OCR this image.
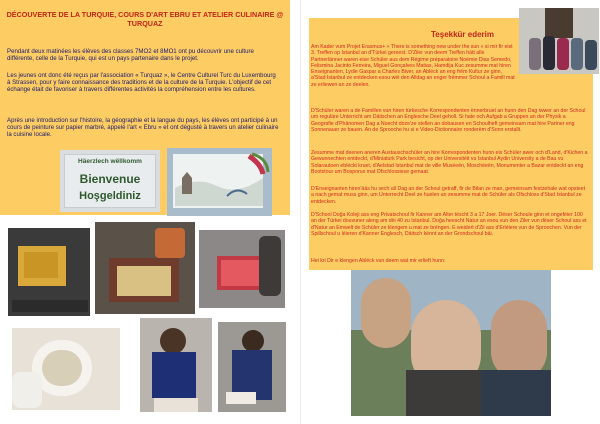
DÉCOUVERTE DE LA TURQUIE, COURS D'ART EBRU ET ATELIER CULINAIRE @ TURQUAZ
Pendant deux matinées les élèves des classes 7MO2 et 8MO1 ont pu découvrir une culture différente, celle de la Turquie, qui est un pays partenaire dans le projet.
Les jeunes ont donc été reçus par l'association « Turquaz », le Centre Culturel Turc du Luxembourg à Strassen, pour y faire connaissance des traditions et de la culture de la Turquie. L'objectif de cet échange était de favoriser à travers différentes activités la compréhension entre les cultures.
Après une introduction sur l'histoire, la géographie et la langue du pays, les élèves ont participé à un cours de peinture sur papier marbré, appelé l'art « Ebru » et ont dégusté à travers un atelier culinaire la cuisine locale.
Häerzlech wëllkomm
Bienvenue
Hoşgeldiniz
Teşekkür ederim
Am Kader vum Projet Erasmus+ « There is something new under the sun » si mir fir eist 3. Treffen op Istanbul an d'Türkei gereest. D'Ziler vun deem Treffen hätt alle Partnerlänner waren eise Schüler aus dem Régime préparatoire Noémie Dias Semedo, Felismina Jacinto Ferreira, Miguel Gonçalves Matias, Hamdija Kuc zesumme mat hiren Enseignanten, Lydie Gaspar a Charles Biver, an Abléck an eng frëm Kultur ze ginn, a'Stad Istanbul ze entdecken esou wéi den Alldag an enger frëmmer Schoul a Famill mat ze erliewen an ze deelen.
D'Schüler waren a de Famillen vun hiren türkesche Korrespondenten ënnerbruet an hunn den Dag iwwer an der Schoul um reguläre Unterricht am Däitschen an Englesche Deel geholl. Si hate och Aufgab a Gruppen an der Physik a Geografie d'Phänomen Dag a Nuecht doze'ze stellen an dobausen en Schoulheft gemeinsam mat hire Partner eng Sonnenauer ze bauen. An de Sprooche hu si e Video-Dictionnaire ronderëm d'Sonn erstallt.
Zesumme mat deenen aneren Austauschschüler an hire Korrespondenten hunn eis Schüler awer och d'Land, d'Kichen a Gewunnechten entdeckt, d'Miniaturk Park besicht, op der Universitéit vu Istanbul Aydin University a de Bau vu Solarautoen ebléckt kruet, d'Aelstad Istanbul mat de ville Muséeën, Moschéeën, Monumenter a Bazar entdeckt an eng Bootstour um Bosporus mat Ofschlossiese gemaat.
D'Enseignanten hiren'ääs hu sech all Dag an der Schoul getraff, fir de Bilan ze man, gemeinsam festzehale wat opsteet a nach gemat muss ginn, um Unterrecht Deel ze huelen an zesumme mat de Schüler als Ofschloss d'Stad Istanbul ze entdecken.
D'School Doğa Koleji ass eng Privatschoul fir Kanner am Alter tëscht 3 a 17 Joer. Dëser Schoule ginn et ongeféier 100 an der Türkei douvuner aleng am dëi 40 zu Istanbul. Doğa heescht Natur an esou vun den Ziler vun dëser Schoul ass et d'Natur an Emwelt de Schüler ze klengem u mat ze bréngen. E weidert d'Zil ass d'Erléiere vun de Sproochen. Vun der Spillschoul u léieren d'Kanner Englesch, Däitsch kënnt an der Grondschoul bäi.
Hei kri Dir e klengen Abléck vun deem wat mir erlieft hunn:
